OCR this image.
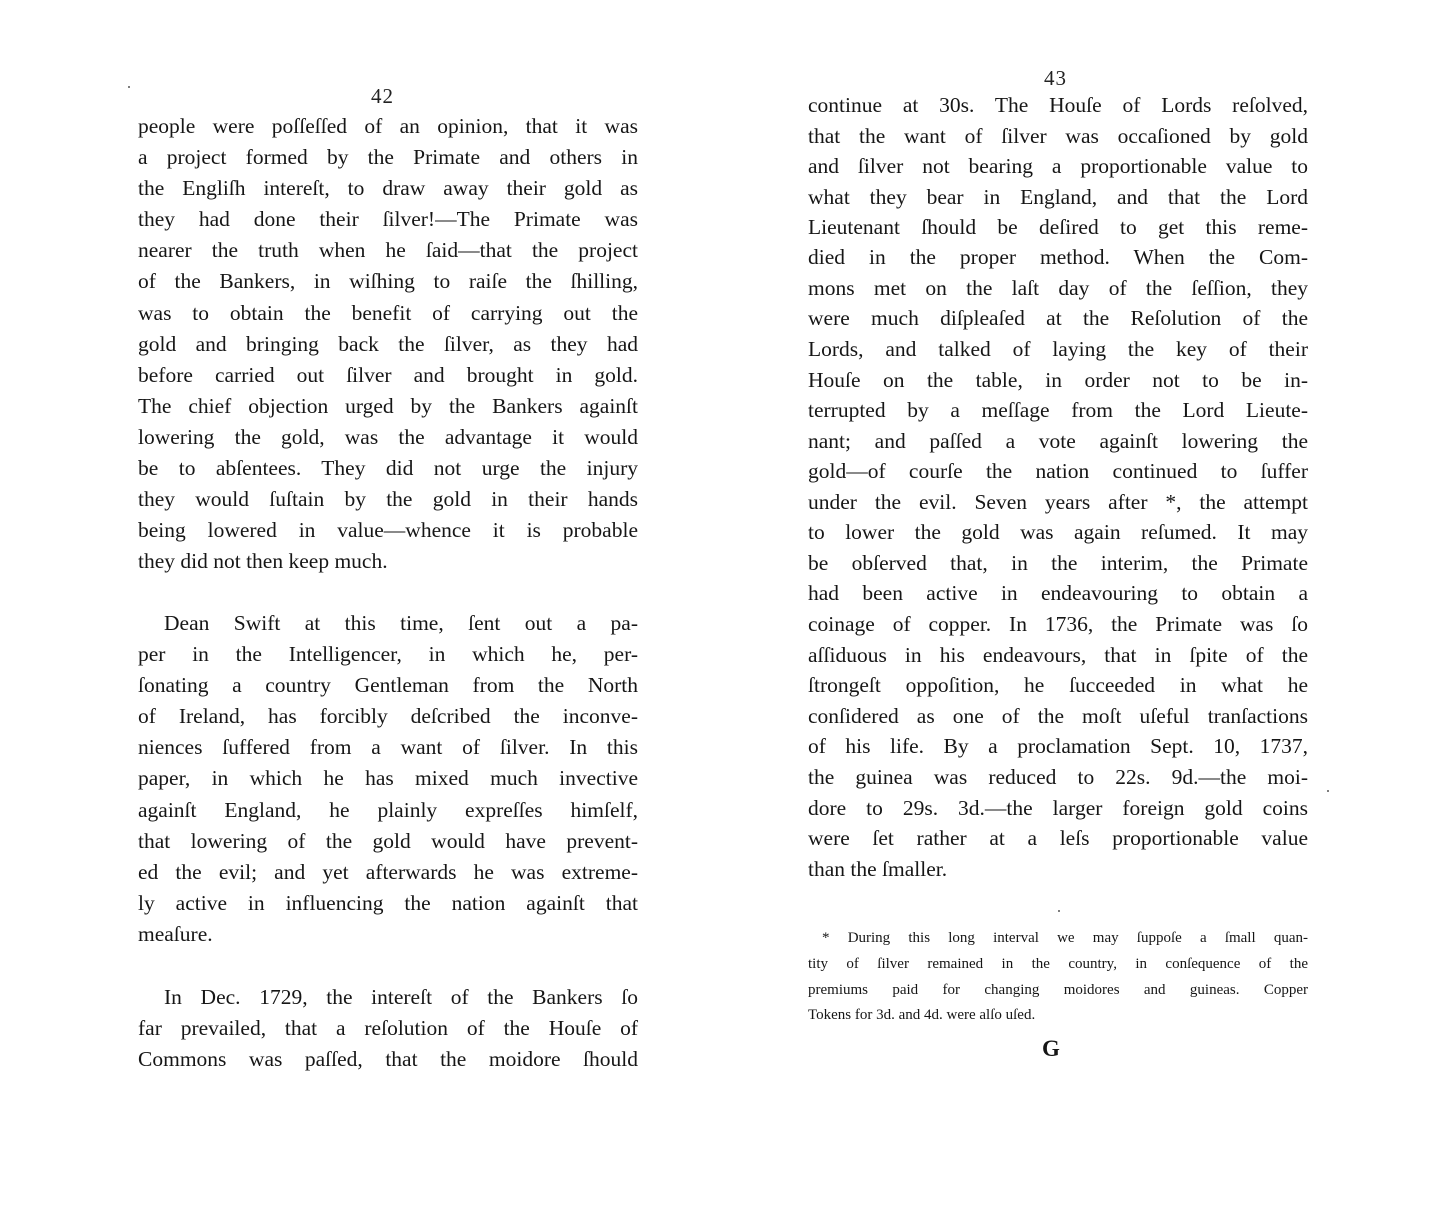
42
people were poſſeſſed of an opinion, that it was
a project formed by the Primate and others in
the Engliſh intereſt, to draw away their gold as
they had done their ſilver!—The Primate was
nearer the truth when he ſaid—that the project
of the Bankers, in wiſhing to raiſe the ſhilling,
was to obtain the benefit of carrying out the
gold and bringing back the ſilver, as they had
before carried out ſilver and brought in gold.
The chief objection urged by the Bankers againſt
lowering the gold, was the advantage it would
be to abſentees. They did not urge the injury
they would ſuſtain by the gold in their hands
being lowered in value—whence it is probable
they did not then keep much.
Dean Swift at this time, ſent out a pa-
per in the Intelligencer, in which he, per-
ſonating a country Gentleman from the North
of Ireland, has forcibly deſcribed the inconve-
niences ſuffered from a want of ſilver. In this
paper, in which he has mixed much invective
againſt England, he plainly expreſſes himſelf,
that lowering of the gold would have prevent-
ed the evil; and yet afterwards he was extreme-
ly active in influencing the nation againſt that
meaſure.
In Dec. 1729, the intereſt of the Bankers ſo
far prevailed, that a reſolution of the Houſe of
Commons was paſſed, that the moidore ſhould
43
continue at 30s. The Houſe of Lords reſolved,
that the want of ſilver was occaſioned by gold
and ſilver not bearing a proportionable value to
what they bear in England, and that the Lord
Lieutenant ſhould be deſired to get this reme-
died in the proper method. When the Com-
mons met on the laſt day of the ſeſſion, they
were much diſpleaſed at the Reſolution of the
Lords, and talked of laying the key of their
Houſe on the table, in order not to be in-
terrupted by a meſſage from the Lord Lieute-
nant; and paſſed a vote againſt lowering the
gold—of courſe the nation continued to ſuffer
under the evil. Seven years after *, the attempt
to lower the gold was again reſumed. It may
be obſerved that, in the interim, the Primate
had been active in endeavouring to obtain a
coinage of copper. In 1736, the Primate was ſo
aſſiduous in his endeavours, that in ſpite of the
ſtrongeſt oppoſition, he ſucceeded in what he
conſidered as one of the moſt uſeful tranſactions
of his life. By a proclamation Sept. 10, 1737,
the guinea was reduced to 22s. 9d.—the moi-
dore to 29s. 3d.—the larger foreign gold coins
were ſet rather at a leſs proportionable value
than the ſmaller.
* During this long interval we may ſuppoſe a ſmall quan-
tity of ſilver remained in the country, in conſequence of the
premiums paid for changing moidores and guineas. Copper
Tokens for 3d. and 4d. were alſo uſed.
G
